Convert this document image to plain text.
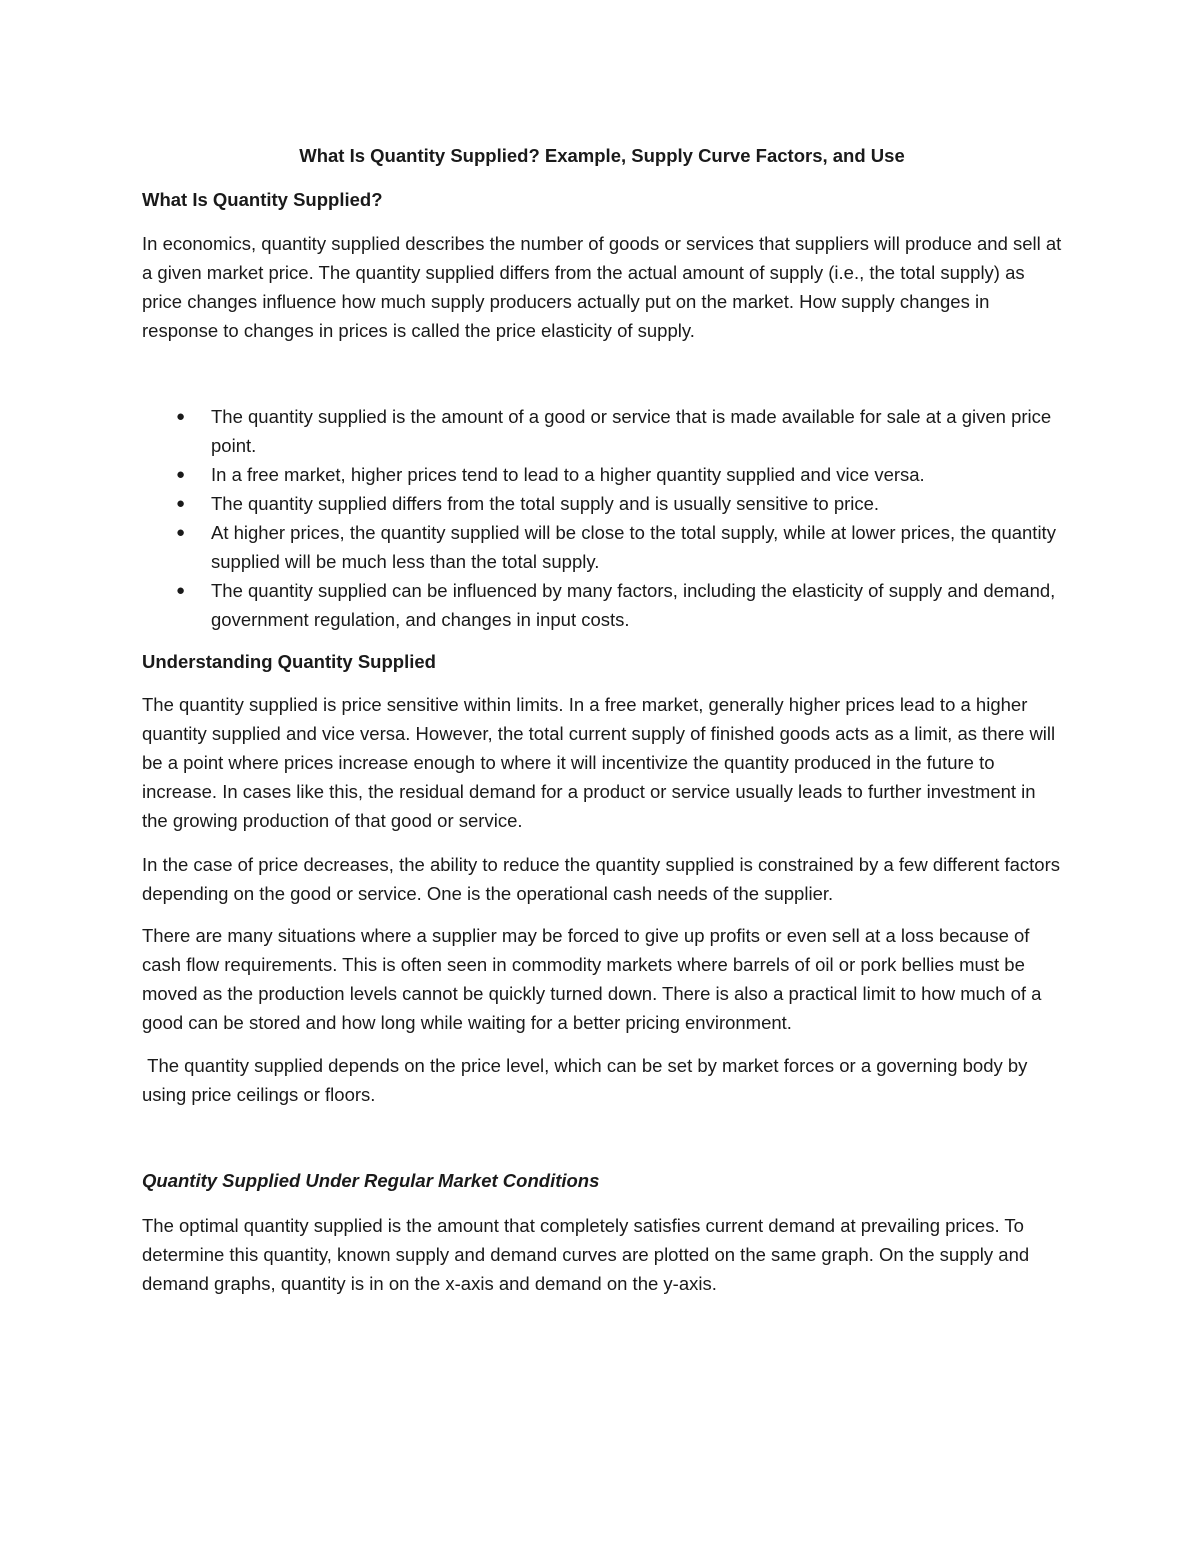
What Is Quantity Supplied? Example, Supply Curve Factors, and Use

What Is Quantity Supplied?

In economics, quantity supplied describes the number of goods or services that suppliers will produce and sell at a given market price. The quantity supplied differs from the actual amount of supply (i.e., the total supply) as price changes influence how much supply producers actually put on the market. How supply changes in response to changes in prices is called the price elasticity of supply.

● The quantity supplied is the amount of a good or service that is made available for sale at a given price point.
● In a free market, higher prices tend to lead to a higher quantity supplied and vice versa.
● The quantity supplied differs from the total supply and is usually sensitive to price.
● At higher prices, the quantity supplied will be close to the total supply, while at lower prices, the quantity supplied will be much less than the total supply.
● The quantity supplied can be influenced by many factors, including the elasticity of supply and demand, government regulation, and changes in input costs.

Understanding Quantity Supplied

The quantity supplied is price sensitive within limits. In a free market, generally higher prices lead to a higher quantity supplied and vice versa. However, the total current supply of finished goods acts as a limit, as there will be a point where prices increase enough to where it will incentivize the quantity produced in the future to increase. In cases like this, the residual demand for a product or service usually leads to further investment in the growing production of that good or service.

In the case of price decreases, the ability to reduce the quantity supplied is constrained by a few different factors depending on the good or service. One is the operational cash needs of the supplier.

There are many situations where a supplier may be forced to give up profits or even sell at a loss because of cash flow requirements. This is often seen in commodity markets where barrels of oil or pork bellies must be moved as the production levels cannot be quickly turned down. There is also a practical limit to how much of a good can be stored and how long while waiting for a better pricing environment.

The quantity supplied depends on the price level, which can be set by market forces or a governing body by using price ceilings or floors.

Quantity Supplied Under Regular Market Conditions

The optimal quantity supplied is the amount that completely satisfies current demand at prevailing prices. To determine this quantity, known supply and demand curves are plotted on the same graph. On the supply and demand graphs, quantity is in on the x-axis and demand on the y-axis.
